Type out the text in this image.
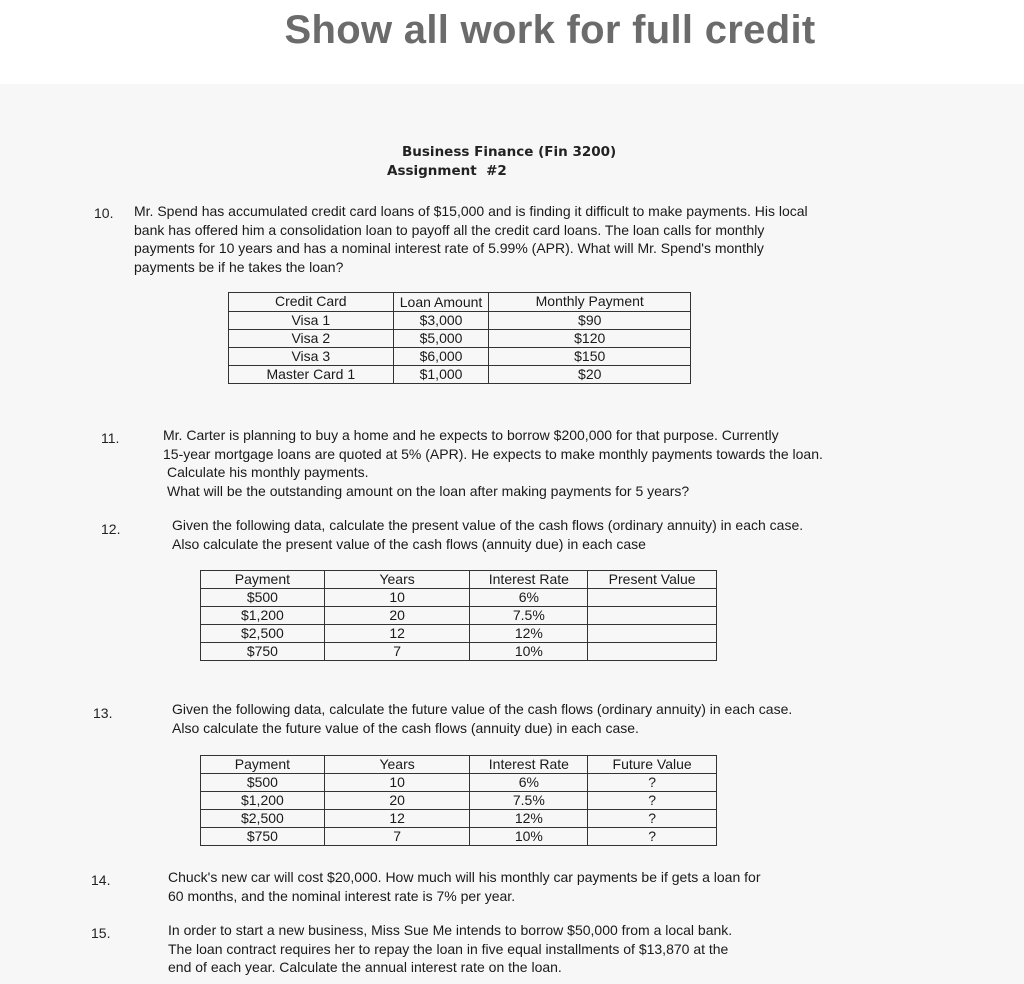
Show all work for full credit
Business Finance (Fin 3200)
Assignment  #2
10. Mr. Spend has accumulated credit card loans of $15,000 and is finding it difficult to make payments. His local

bank has offered him a consolidation loan to payoff all the credit card loans. The loan calls for monthly

payments for 10 years and has a nominal interest rate of 5.99% (APR). What will Mr. Spend's monthly

payments be if he takes the loan?

Credit Card	Loan Amount	Monthly Payment
Visa 1	$3,000	$90
Visa 2	$5,000	$120
Visa 3	$6,000	$150
Master Card 1	$1,000	$20
11.	Mr. Carter is planning to buy a home and he expects to borrow $200,000 for that purpose. Currently

15-year mortgage loans are quoted at 5% (APR). He expects to make monthly payments towards the loan.

Calculate his monthly payments.

What will be the outstanding amount on the loan after making payments for 5 years?

12.	Given the following data, calculate the present value of the cash flows (ordinary annuity) in each case.

Also calculate the present value of the cash flows (annuity due) in each case

Payment	Years	Interest Rate	Present Value
$500	10	6%	
$1,200	20	7.5%	
$2,500	12	12%	
$750	7	10%	
13.	Given the following data, calculate the future value of the cash flows (ordinary annuity) in each case.

Also calculate the future value of the cash flows (annuity due) in each case.

Payment	Years	Interest Rate	Future Value
$500	10	6%	?
$1,200	20	7.5%	?
$2,500	12	12%	?
$750	7	10%	?
14.	Chuck's new car will cost $20,000. How much will his monthly car payments be if gets a loan for

60 months, and the nominal interest rate is 7% per year.

15.	In order to start a new business, Miss Sue Me intends to borrow $50,000 from a local bank.

The loan contract requires her to repay the loan in five equal installments of $13,870 at the

end of each year. Calculate the annual interest rate on the loan.
